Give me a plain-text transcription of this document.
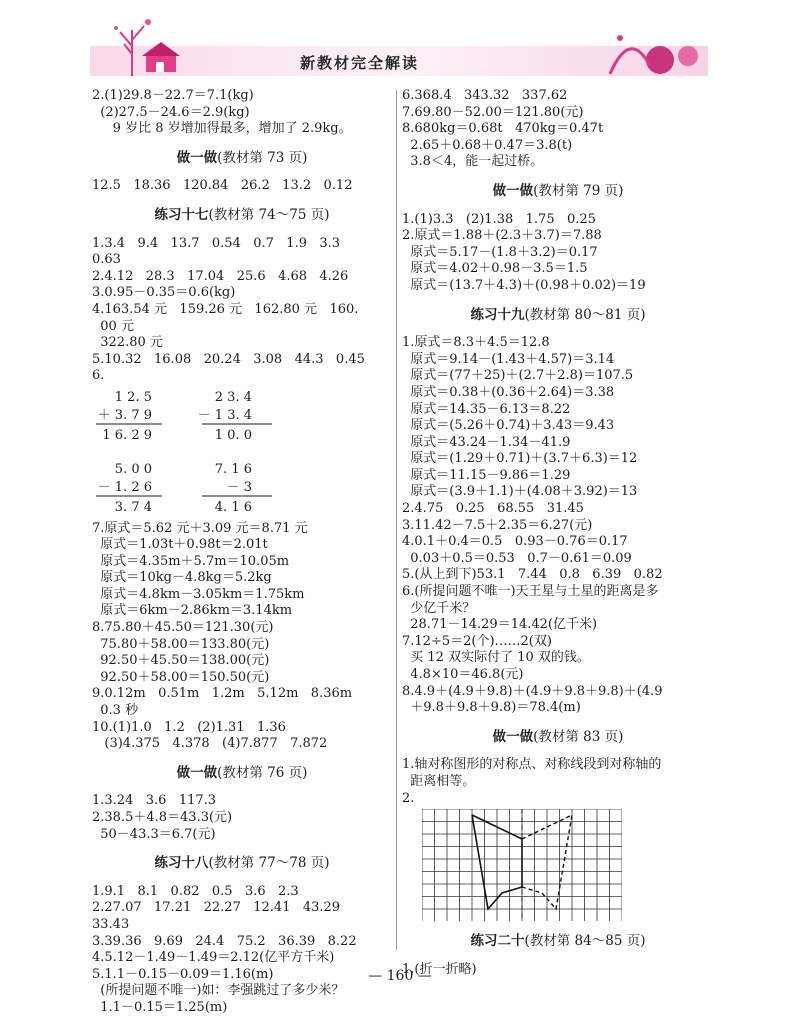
新教材完全解读
2.(1)29.8－22.7＝7.1(kg)
(2)27.5－24.6＝2.9(kg)
9 岁比 8 岁增加得最多，增加了 2.9kg。
做一做(教材第 73 页)
12.5   18.36   120.84   26.2   13.2   0.12
练习十七(教材第 74～75 页)
1.3.4   9.4   13.7   0.54   0.7   1.9   3.3
0.63
2.4.12   28.3   17.04   25.6   4.68   4.26
3.0.95－0.35＝0.6(kg)
4.163.54 元   159.26 元   162.80 元   160.
00 元
322.80 元
5.10.32   16.08   20.24   3.08   44.3   0.45
6.
1 2. 5
＋ 3. 7 9
1 6. 2 9
2 3. 4
－ 1 3. 4
1 0. 0
5. 0 0
－ 1. 2 6
3. 7 4
7. 1 6
－ 3
4. 1 6
7.原式＝5.62 元＋3.09 元＝8.71 元
原式＝1.03t＋0.98t＝2.01t
原式＝4.35m＋5.7m＝10.05m
原式＝10kg－4.8kg＝5.2kg
原式＝4.8km－3.05km＝1.75km
原式＝6km－2.86km＝3.14km
8.75.80＋45.50＝121.30(元)
75.80＋58.00＝133.80(元)
92.50＋45.50＝138.00(元)
92.50＋58.00＝150.50(元)
9.0.12m   0.51m   1.2m   5.12m   8.36m
0.3 秒
10.(1)1.0   1.2   (2)1.31   1.36
(3)4.375   4.378   (4)7.877   7.872
做一做(教材第 76 页)
1.3.24   3.6   117.3
2.38.5＋4.8＝43.3(元)
50－43.3＝6.7(元)
练习十八(教材第 77～78 页)
1.9.1   8.1   0.82   0.5   3.6   2.3
2.27.07   17.21   22.27   12.41   43.29
33.43
3.39.36   9.69   24.4   75.2   36.39   8.22
4.5.12－1.49－1.49＝2.12(亿平方千米)
5.1.1－0.15－0.09＝1.16(m)
(所提问题不唯一)如：李强跳过了多少米？
1.1－0.15＝1.25(m)
6.368.4   343.32   337.62
7.69.80－52.00＝121.80(元)
8.680kg＝0.68t   470kg＝0.47t
2.65＋0.68＋0.47＝3.8(t)
3.8＜4，能一起过桥。
做一做(教材第 79 页)
1.(1)3.3   (2)1.38   1.75   0.25
2.原式＝1.88＋(2.3＋3.7)＝7.88
原式＝5.17－(1.8＋3.2)＝0.17
原式＝4.02＋0.98－3.5＝1.5
原式＝(13.7＋4.3)＋(0.98＋0.02)＝19
练习十九(教材第 80～81 页)
1.原式＝8.3＋4.5＝12.8
原式＝9.14－(1.43＋4.57)＝3.14
原式＝(77＋25)＋(2.7＋2.8)＝107.5
原式＝0.38＋(0.36＋2.64)＝3.38
原式＝14.35－6.13＝8.22
原式＝(5.26＋0.74)＋3.43＝9.43
原式＝43.24－1.34－41.9
原式＝(1.29＋0.71)＋(3.7＋6.3)＝12
原式＝11.15－9.86＝1.29
原式＝(3.9＋1.1)＋(4.08＋3.92)＝13
2.4.75   0.25   68.55   31.45
3.11.42－7.5＋2.35＝6.27(元)
4.0.1＋0.4＝0.5   0.93－0.76＝0.17
0.03＋0.5＝0.53   0.7－0.61＝0.09
5.(从上到下)53.1   7.44   0.8   6.39   0.82
6.(所提问题不唯一)天王星与土星的距离是多
少亿千米？
28.71－14.29＝14.42(亿千米)
7.12÷5＝2(个)……2(双)
买 12 双实际付了 10 双的钱。
4.8×10＝46.8(元)
8.4.9＋(4.9＋9.8)＋(4.9＋9.8＋9.8)＋(4.9
＋9.8＋9.8＋9.8)＝78.4(m)
做一做(教材第 83 页)
1.轴对称图形的对称点、对称线段到对称轴的
距离相等。
2.
练习二十(教材第 84～85 页)
1.(折一折略)
— 160 —
